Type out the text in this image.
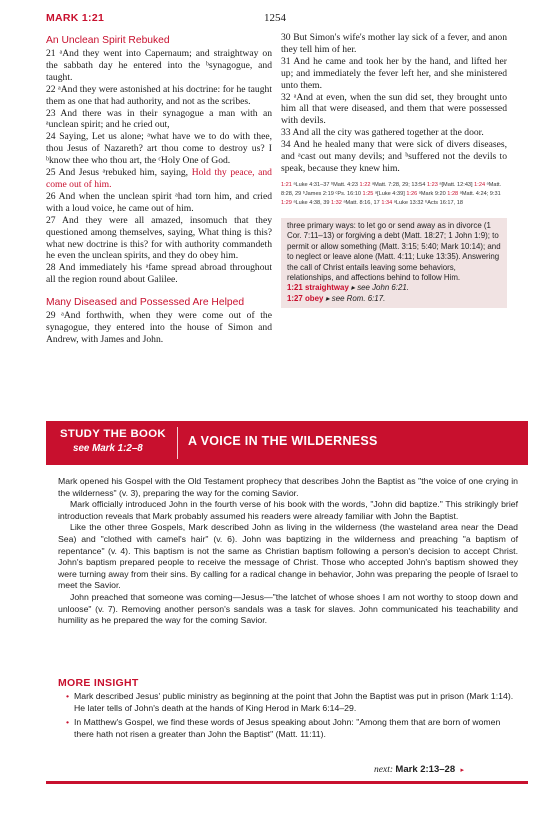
MARK 1:21	1254
An Unclean Spirit Rebuked

21 ᵃAnd they went into Capernaum; and straightway on the sabbath day he entered into the ᵇsynagogue, and taught.

22 ᵃAnd they were astonished at his doctrine: for he taught them as one that had authority, and not as the scribes.

23 And there was in their synagogue a man with an ᵃunclean spirit; and he cried out,

24 Saying, Let us alone; ᵃwhat have we to do with thee, thou Jesus of Nazareth? art thou come to destroy us? I ᵇknow thee who thou art, the ᶜHoly One of God.

25 And Jesus ᵃrebuked him, saying, Hold thy peace, and come out of him.

26 And when the unclean spirit ᵃhad torn him, and cried with a loud voice, he came out of him.

27 And they were all amazed, insomuch that they questioned among themselves, saying, What thing is this? what new doctrine is this? for with authority commandeth he even the unclean spirits, and they do obey him.

28 And immediately his ᵃfame spread abroad throughout all the region round about Galilee.

Many Diseased and Possessed Are Helped

29 ᵃAnd forthwith, when they were come out of the synagogue, they entered into the house of Simon and Andrew, with James and John.

30 But Simon's wife's mother lay sick of a fever, and anon they tell him of her.

31 And he came and took her by the hand, and lifted her up; and immediately the fever left her, and she ministered unto them.

32 ᵃAnd at even, when the sun did set, they brought unto him all that were diseased, and them that were possessed with devils.

33 And all the city was gathered together at the door.

34 And he healed many that were sick of divers diseases, and ᵃcast out many devils; and ᵇsuffered not the devils to speak, because they knew him.

1:21 ᵃLuke 4:31–37 ᵇMatt. 4:23 1:22 ᵃMatt. 7:28, 29; 13:54 1:23 ᵃ[Matt. 12:43] 1:24 ᵃMatt. 8:28, 29 ᵇJames 2:19 ᶜPs. 16:10 1:25 ᵃ[Luke 4:39] 1:26 ᵃMark 9:20 1:28 ᵃMatt. 4:24; 9:31 1:29 ᵃLuke 4:38, 39 1:32 ᵃMatt. 8:16, 17 1:34 ᵃLuke 13:32 ᵇActs 16:17, 18

three primary ways: to let go or send away as in divorce (1 Cor. 7:11–13) or forgiving a debt (Matt. 18:27; 1 John 1:9); to permit or allow something (Matt. 3:15; 5:40; Mark 10:14); and to neglect or leave alone (Matt. 4:11; Luke 13:35). Answering the call of Christ entails leaving some behaviors, relationships, and affections behind to follow Him.

1:21 straightway ▸ see John 6:21.

1:27 obey ▸ see Rom. 6:17.

STUDY THE BOOK
see Mark 1:2–8
A VOICE IN THE WILDERNESS

Mark opened his Gospel with the Old Testament prophecy that describes John the Baptist as "the voice of one crying in the wilderness" (v. 3), preparing the way for the coming Savior.

Mark officially introduced John in the fourth verse of his book with the words, "John did baptize." This strikingly brief introduction reveals that Mark probably assumed his readers were already familiar with John the Baptist.

Like the other three Gospels, Mark described John as living in the wilderness (the wasteland area near the Dead Sea) and "clothed with camel's hair" (v. 6). John was baptizing in the wilderness and preaching "a baptism of repentance" (v. 4). This baptism is not the same as Christian baptism following a person's decision to accept Christ. John's baptism prepared people to receive the message of Christ. Those who accepted John's baptism showed they were turning away from their sins. By calling for a radical change in behavior, John was preparing the people of Israel to meet the Savior.

John preached that someone was coming—Jesus—"the latchet of whose shoes I am not worthy to stoop down and unloose" (v. 7). Removing another person's sandals was a task for slaves. John communicated his teachability and humility as he prepared the way for the coming Savior.

MORE INSIGHT
• Mark described Jesus' public ministry as beginning at the point that John the Baptist was put in prison (Mark 1:14). He later tells of John's death at the hands of King Herod in Mark 6:14–29.
• In Matthew's Gospel, we find these words of Jesus speaking about John: "Among them that are born of women there hath not risen a greater than John the Baptist" (Matt. 11:11).
next: Mark 2:13–28 ▸
